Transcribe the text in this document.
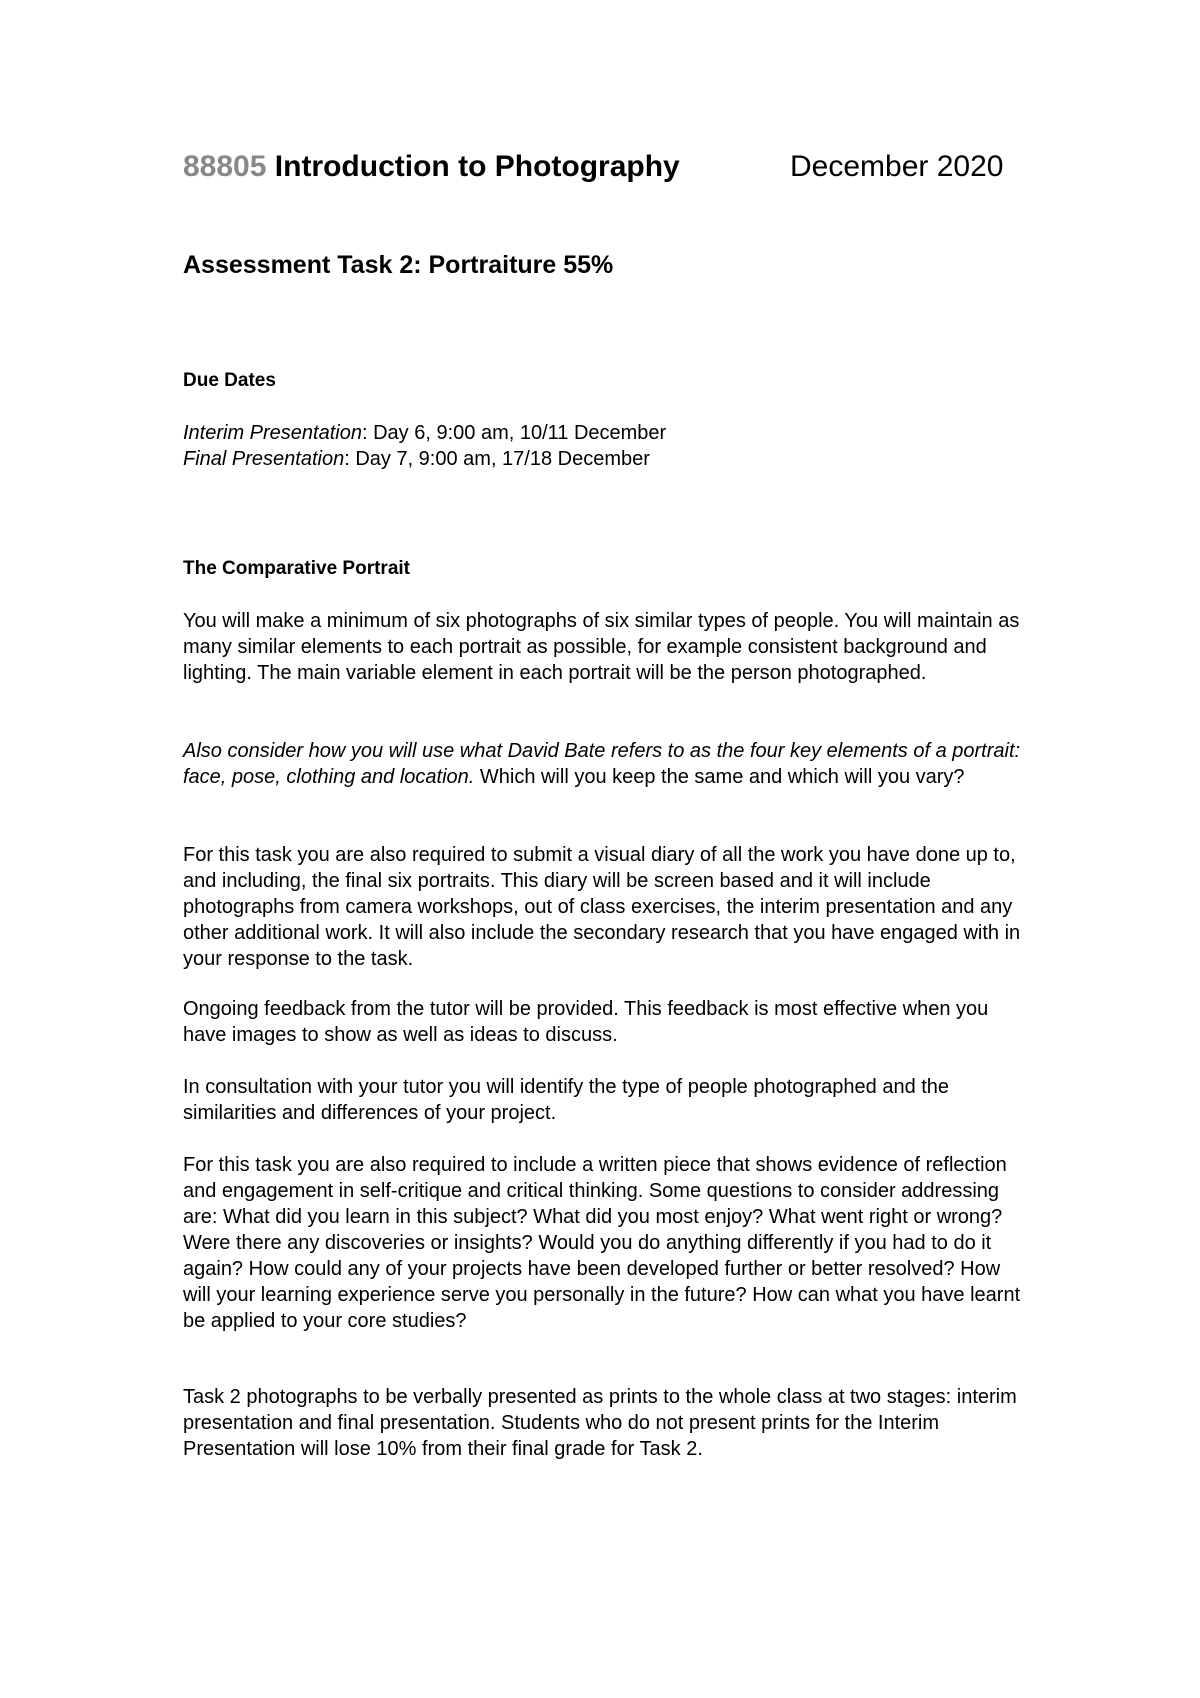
88805 Introduction to Photography	December 2020
Assessment Task 2: Portraiture 55%
Due Dates
Interim Presentation: Day 6, 9:00 am, 10/11 December
Final Presentation: Day 7, 9:00 am, 17/18 December
The Comparative Portrait

You will make a minimum of six photographs of six similar types of people. You will maintain as many similar elements to each portrait as possible, for example consistent background and lighting. The main variable element in each portrait will be the person photographed.

Also consider how you will use what David Bate refers to as the four key elements of a portrait: face, pose, clothing and location. Which will you keep the same and which will you vary?

For this task you are also required to submit a visual diary of all the work you have done up to, and including, the final six portraits. This diary will be screen based and it will include photographs from camera workshops, out of class exercises, the interim presentation and any other additional work. It will also include the secondary research that you have engaged with in your response to the task.

Ongoing feedback from the tutor will be provided. This feedback is most effective when you have images to show as well as ideas to discuss.

In consultation with your tutor you will identify the type of people photographed and the similarities and differences of your project.

For this task you are also required to include a written piece that shows evidence of reflection and engagement in self-critique and critical thinking. Some questions to consider addressing are: What did you learn in this subject? What did you most enjoy? What went right or wrong? Were there any discoveries or insights? Would you do anything differently if you had to do it again? How could any of your projects have been developed further or better resolved? How will your learning experience serve you personally in the future? How can what you have learnt be applied to your core studies?

Task 2 photographs to be verbally presented as prints to the whole class at two stages: interim presentation and final presentation. Students who do not present prints for the Interim Presentation will lose 10% from their final grade for Task 2.
